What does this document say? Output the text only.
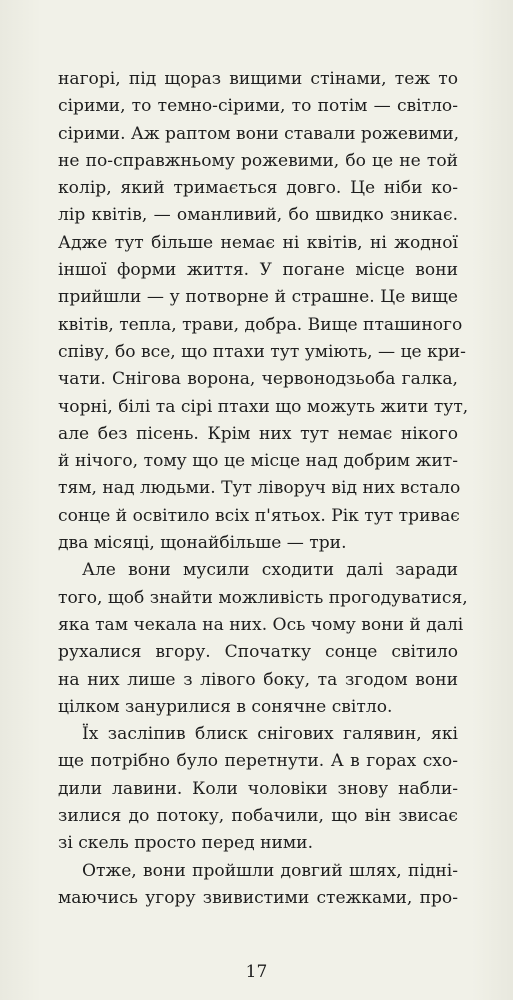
нагорі, під щораз вищими стінами, теж то
сірими, то темно-сірими, то потім — світло-
сірими. Аж раптом вони ставали рожевими,
не по-справжньому рожевими, бо це не той
колір, який тримається довго. Це ніби ко-
лір квітів, — оманливий, бо швидко зникає.
Адже тут більше немає ні квітів, ні жодної
іншої форми життя. У погане місце вони
прийшли — у потворне й страшне. Це вище
квітів, тепла, трави, добра. Вище пташиного
співу, бо все, що птахи тут уміють, — це кри-
чати. Снігова ворона, червонодзьоба галка,
чорні, білі та сірі птахи що можуть жити тут,
але без пісень. Крім них тут немає нікого
й нічого, тому що це місце над добрим жит-
тям, над людьми. Тут ліворуч від них встало
сонце й освітило всіх п'ятьох. Рік тут триває
два місяці, щонайбільше — три.
Але вони мусили сходити далі заради
того, щоб знайти можливість прогодуватися,
яка там чекала на них. Ось чому вони й далі
рухалися вгору. Спочатку сонце світило
на них лише з лівого боку, та згодом вони
цілком занурилися в сонячне світло.
Їх засліпив блиск снігових галявин, які
ще потрібно було перетнути. А в горах схо-
дили лавини. Коли чоловіки знову набли-
зилися до потоку, побачили, що він звисає
зі скель просто перед ними.
Отже, вони пройшли довгий шлях, підні-
маючись угору звивистими стежками, про-
17
